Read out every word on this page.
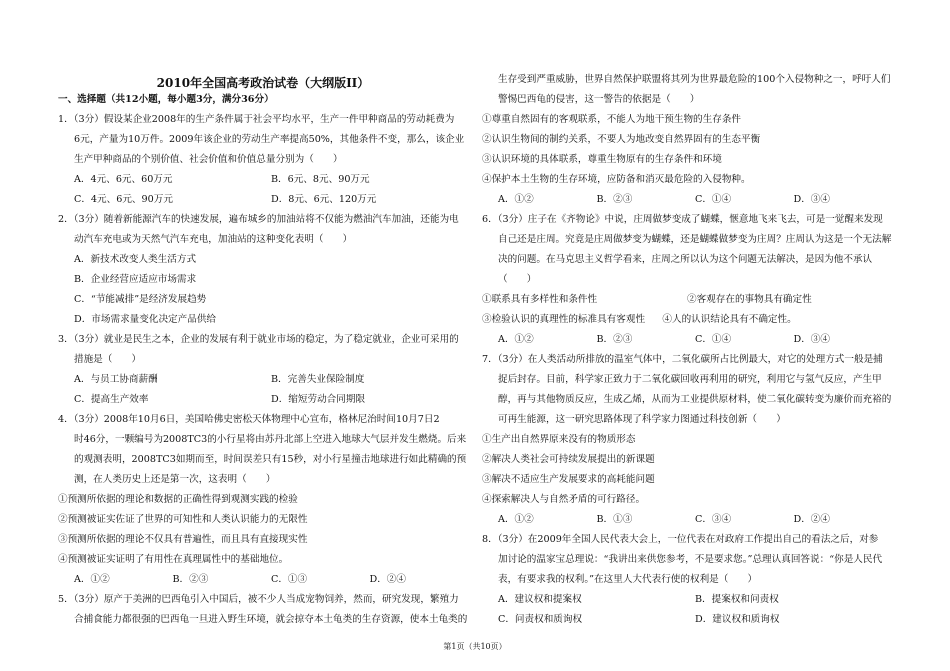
2010年全国高考政治试卷（大纲版II）
一、选择题（共12小题，每小题3分，满分36分）
1．（3分）假设某企业2008年的生产条件属于社会平均水平，生产一件甲种商品的劳动耗费为
6元，产量为10万件。2009年该企业的劳动生产率提高50%，其他条件不变，那么，该企业
生产甲种商品的个别价值、社会价值和价值总量分别为（　　）
A．4元、6元、60万元	B．6元、8元、90万元
C．4元、6元、90万元	D．8元、6元、120万元
2．（3分）随着新能源汽车的快速发展，遍布城乡的加油站将不仅能为燃油汽车加油，还能为电
动汽车充电或为天然气汽车充电，加油站的这种变化表明（　　）
A．新技术改变人类生活方式
B．企业经营应适应市场需求
C．“节能减排”是经济发展趋势
D．市场需求量变化决定产品供给
3．（3分）就业是民生之本，企业的发展有利于就业市场的稳定，为了稳定就业，企业可采用的
措施是（　　）
A．与员工协商薪酬	B．完善失业保险制度
C．提高生产效率	D．缩短劳动合同期限
4．（3分）2008年10月6日，美国哈佛史密松天体物理中心宣布，格林尼治时间10月7日2
时46分，一颗编号为2008TC3的小行星将由苏丹北部上空进入地球大气层并发生燃烧。后来
的观测表明，2008TC3如期而至，时间误差只有15秒，对小行星撞击地球进行如此精确的预
测，在人类历史上还是第一次，这表明（　　）
①预测所依据的理论和数据的正确性得到观测实践的检验
②预测被证实佐证了世界的可知性和人类认识能力的无限性
③预测所依据的理论不仅具有普遍性，而且具有直接现实性
④预测被证实证明了有用性在真理属性中的基础地位。
A．①②	B．②③	C．①③	D．②④
5．（3分）原产于美洲的巴西龟引入中国后，被不少人当成宠物饲养，然而，研究发现，繁殖力
合捕食能力都很强的巴西龟一旦进入野生环境，就会掠夺本土龟类的生存资源，使本土龟类的
生存受到严重威胁，世界自然保护联盟将其列为世界最危险的100个入侵物种之一，呼吁人们
警惕巴西龟的侵害，这一警告的依据是（　　）
①尊重自然固有的客观联系，不能人为地干预生物的生存条件
②认识生物间的制约关系，不要人为地改变自然界固有的生态平衡
③认识环境的具体联系，尊重生物原有的生存条件和环境
④保护本土生物的生存环境，应防备和消灭最危险的入侵物种。
A．①②	B．②③	C．①④	D．③④
6．（3分）庄子在《齐物论》中说，庄周做梦变成了蝴蝶，惬意地飞来飞去，可是一觉醒来发现
自己还是庄周。究竟是庄周做梦变为蝴蝶，还是蝴蝶做梦变为庄周？庄周认为这是一个无法解
决的问题。在马克思主义哲学看来，庄周之所以认为这个问题无法解决，是因为他不承认
（　　）
①联系具有多样性和条件性	②客观存在的事物具有确定性
③检验认识的真理性的标准具有客观性	④人的认识结论具有不确定性。
A．①②	B．②③	C．①④	D．③④
7．（3分）在人类活动所排放的温室气体中，二氧化碳所占比例最大，对它的处理方式一般是捕
捉后封存。目前，科学家正致力于二氧化碳回收再利用的研究，利用它与氢气反应，产生甲
醇，再与其他物质反应，生成乙烯，从而为工业提供原材料，使二氧化碳转变为廉价而充裕的
可再生能源，这一研究思路体现了科学家力图通过科技创新（　　）
①生产出自然界原来没有的物质形态
②解决人类社会可持续发展提出的新课题
③解决不适应生产发展要求的高耗能问题
④探索解决人与自然矛盾的可行路径。
A．①②	B．①③	C．③④	D．②④
8．（3分）在2009年全国人民代表大会上，一位代表在对政府工作提出自己的看法之后，对参
加讨论的温家宝总理说：“我讲出来供您参考，不是要求您。”总理认真回答说：“你是人民代
表，有要求我的权利。”在这里人大代表行使的权利是（　　）
A．建议权和提案权	B．提案权和问责权
C．问责权和质询权	D．建议权和质询权
第1页（共10页）
